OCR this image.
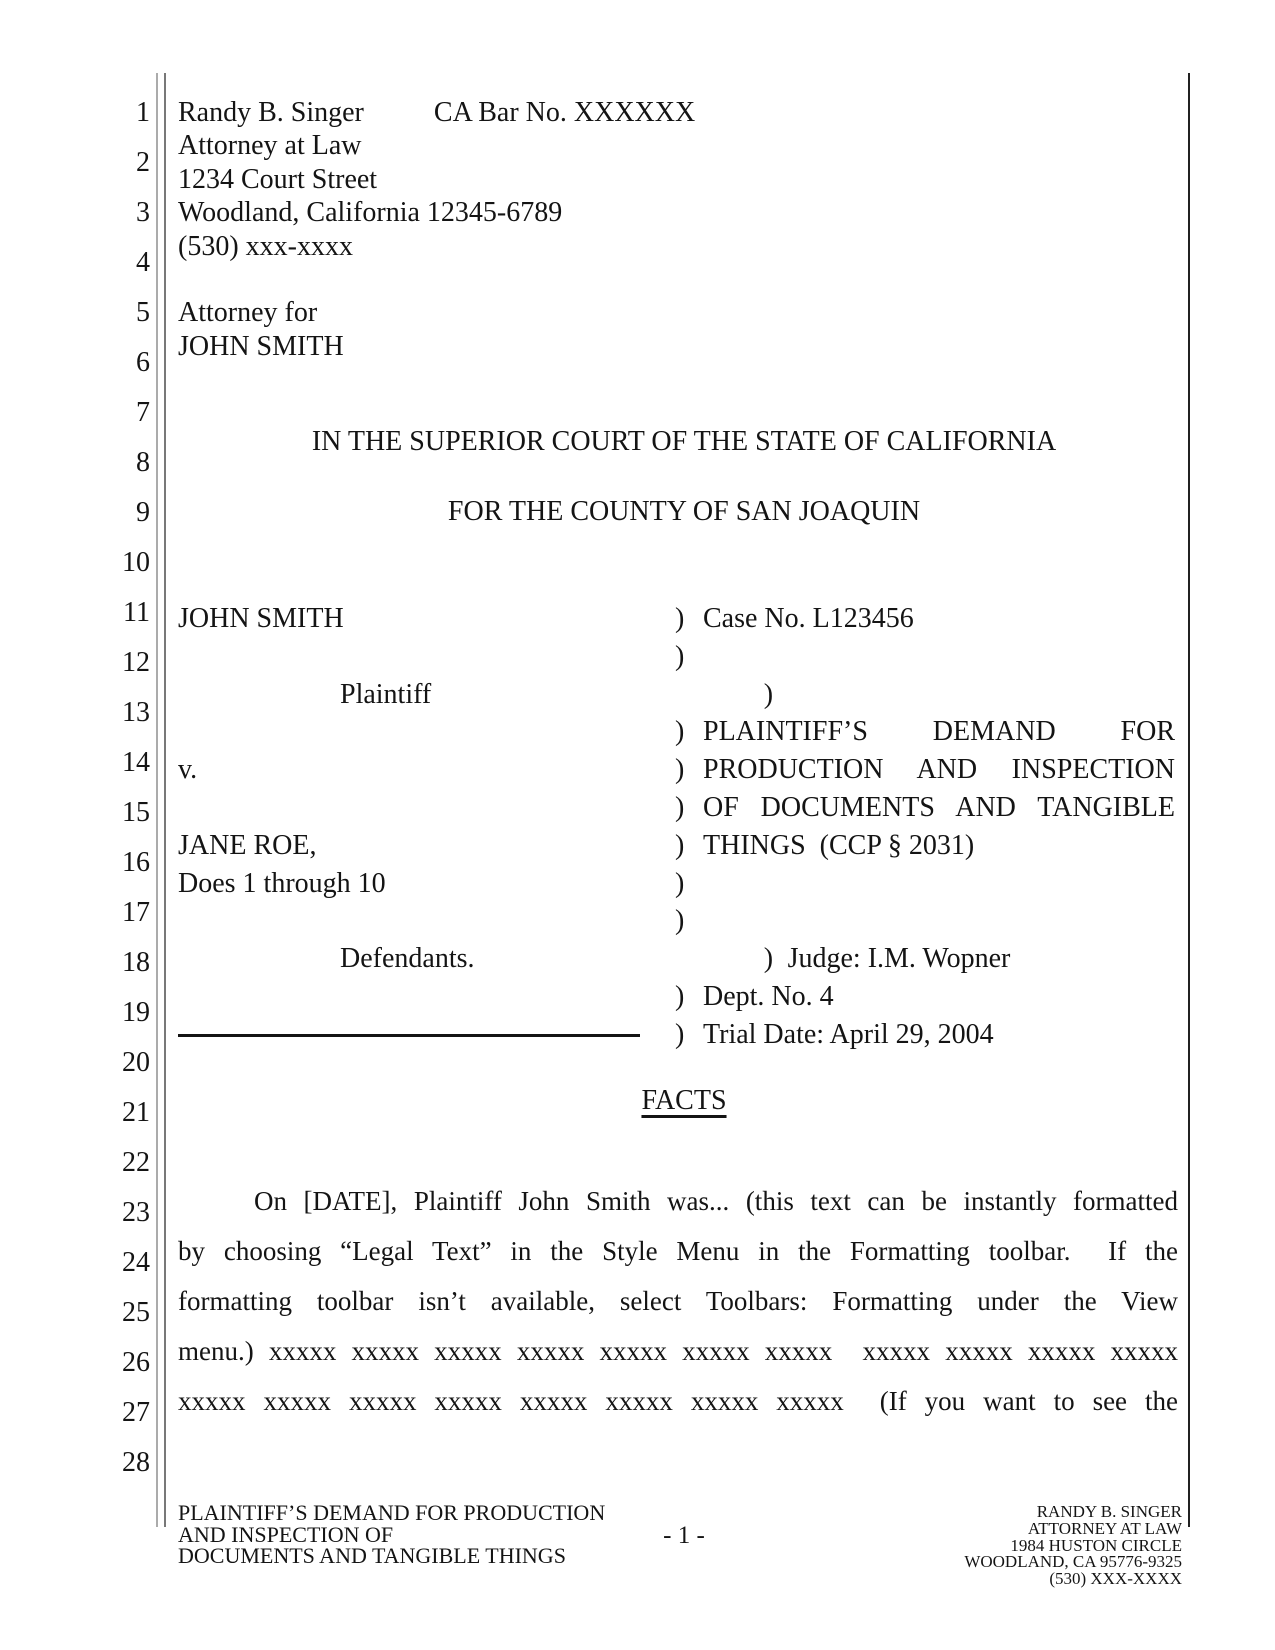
1
2
3
4
5
6
7
8
9
10
11
12
13
14
15
16
17
18
19
20
21
22
23
24
25
26
27
28
Randy B. Singer	CA Bar No. XXXXXX
Attorney at Law
1234 Court Street
Woodland, California 12345-6789
(530) xxx-xxxx
Attorney for
JOHN SMITH
IN THE SUPERIOR COURT OF THE STATE OF CALIFORNIA
FOR THE COUNTY OF SAN JOAQUIN
JOHN SMITH	) Case No. L123456
)
Plaintiff	)
) PLAINTIFF’S DEMAND FOR
v.	) PRODUCTION AND INSPECTION
) OF DOCUMENTS AND TANGIBLE
JANE ROE,	) THINGS  (CCP § 2031)
Does 1 through 10	)
)
Defendants.	) Judge: I.M. Wopner
) Dept. No. 4
) Trial Date: April 29, 2004
FACTS
On [DATE], Plaintiff John Smith was... (this text can be instantly formatted
by choosing “Legal Text” in the Style Menu in the Formatting toolbar.  If the
formatting toolbar isn’t available, select Toolbars: Formatting under the View
menu.) xxxxx xxxxx xxxxx xxxxx xxxxx xxxxx xxxxx  xxxxx xxxxx xxxxx xxxxx
xxxxx xxxxx xxxxx xxxxx xxxxx xxxxx xxxxx xxxxx  (If you want to see the
PLAINTIFF’S DEMAND FOR PRODUCTION
AND INSPECTION OF
DOCUMENTS AND TANGIBLE THINGS
- 1 -
RANDY B. SINGER
ATTORNEY AT LAW
1984 HUSTON CIRCLE
WOODLAND, CA 95776-9325
(530) XXX-XXXX
